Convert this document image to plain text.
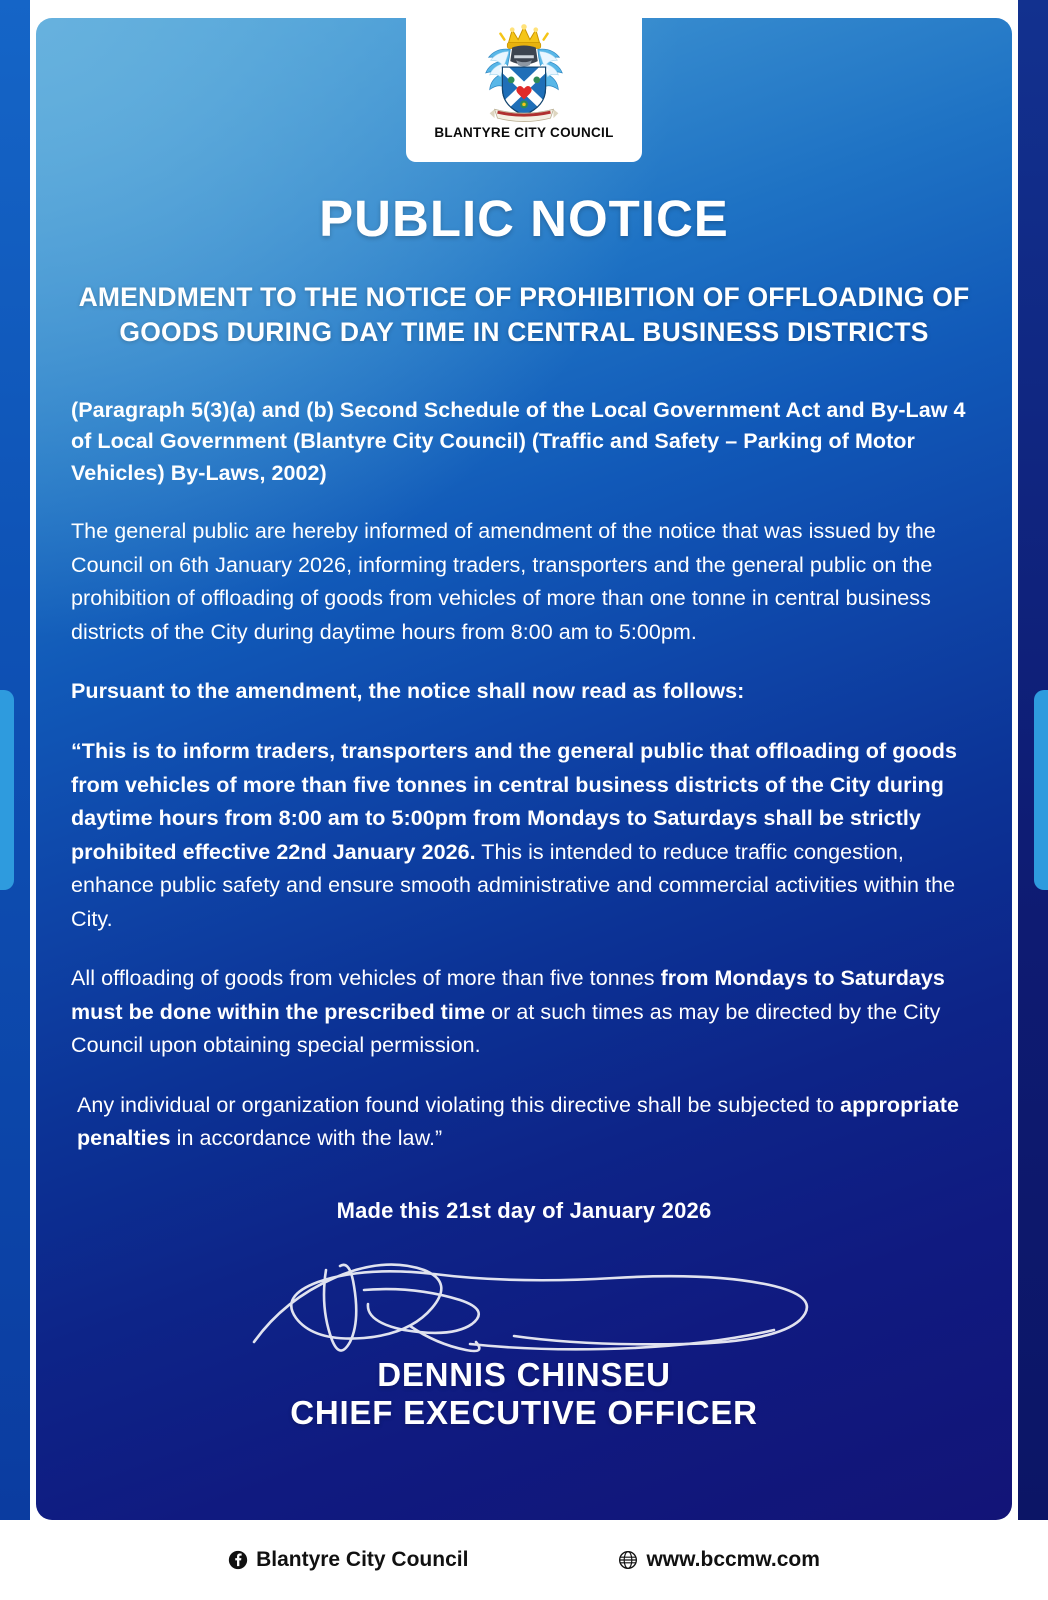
BLANTYRE CITY COUNCIL
PUBLIC NOTICE
AMENDMENT TO THE NOTICE OF PROHIBITION OF OFFLOADING OF GOODS DURING DAY TIME IN CENTRAL BUSINESS DISTRICTS
(Paragraph 5(3)(a) and (b) Second Schedule of the Local Government Act and By-Law 4 of Local Government (Blantyre City Council) (Traffic and Safety – Parking of Motor Vehicles) By-Laws, 2002)

The general public are hereby informed of amendment of the notice that was issued by the Council on 6th January 2026, informing traders, transporters and the general public on the prohibition of offloading of goods from vehicles of more than one tonne in central business districts of the City during daytime hours from 8:00 am to 5:00pm.

Pursuant to the amendment, the notice shall now read as follows:

“This is to inform traders, transporters and the general public that offloading of goods from vehicles of more than five tonnes in central business districts of the City during daytime hours from 8:00 am to 5:00pm from Mondays to Saturdays shall be strictly prohibited effective 22nd January 2026. This is intended to reduce traffic congestion, enhance public safety and ensure smooth administrative and commercial activities within the City.

All offloading of goods from vehicles of more than five tonnes from Mondays to Saturdays must be done within the prescribed time or at such times as may be directed by the City Council upon obtaining special permission.

Any individual or organization found violating this directive shall be subjected to appropriate penalties in accordance with the law.”

Made this 21st day of January 2026
DENNIS CHINSEU
CHIEF EXECUTIVE OFFICER
Blantyre City Council	www.bccmw.com
